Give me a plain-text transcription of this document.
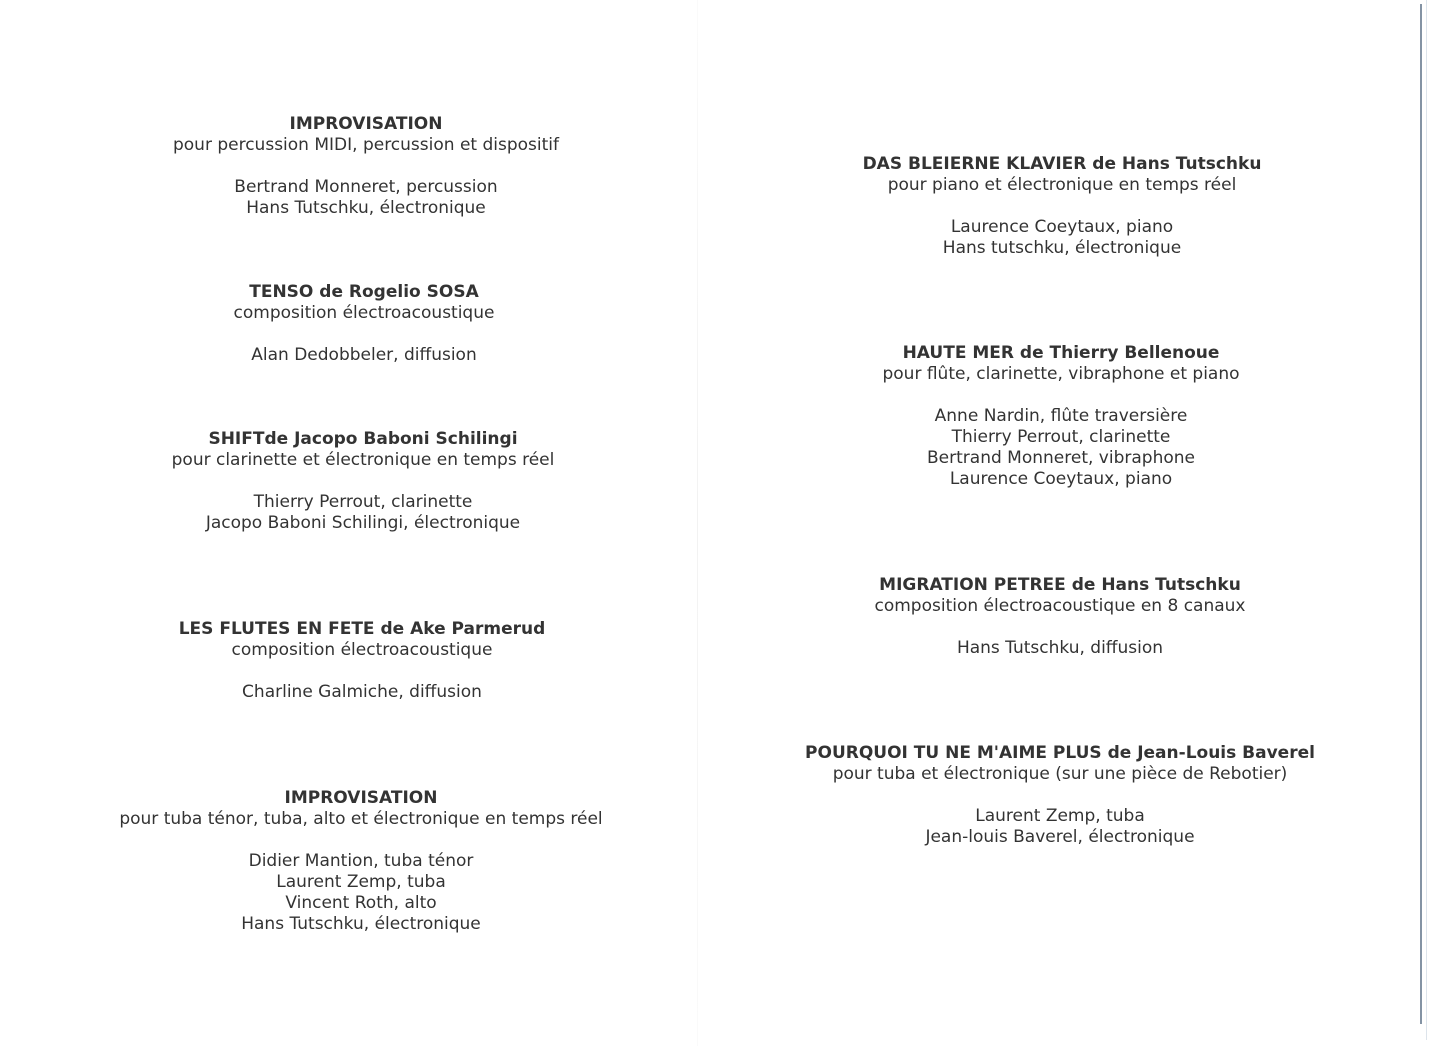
IMPROVISATION
pour percussion MIDI, percussion et dispositif
Bertrand Monneret, percussion
Hans Tutschku, électronique
TENSO de Rogelio SOSA
composition électroacoustique
Alan Dedobbeler, diffusion
SHIFTde Jacopo Baboni Schilingi
pour clarinette et électronique en temps réel
Thierry Perrout, clarinette
Jacopo Baboni Schilingi, électronique
LES FLUTES EN FETE de Ake Parmerud
composition électroacoustique
Charline Galmiche, diffusion
IMPROVISATION
pour tuba ténor, tuba, alto et électronique en temps réel
Didier Mantion, tuba ténor
Laurent Zemp, tuba
Vincent Roth, alto
Hans Tutschku, électronique
DAS BLEIERNE KLAVIER de Hans Tutschku
pour piano et électronique en temps réel
Laurence Coeytaux, piano
Hans tutschku, électronique
HAUTE MER de Thierry Bellenoue
pour flûte, clarinette, vibraphone et piano
Anne Nardin, flûte traversière
Thierry Perrout, clarinette
Bertrand Monneret, vibraphone
Laurence Coeytaux, piano
MIGRATION PETREE de Hans Tutschku
composition électroacoustique en 8 canaux
Hans Tutschku, diffusion
POURQUOI TU NE M'AIME PLUS de Jean-Louis Baverel
pour tuba et électronique (sur une pièce de Rebotier)
Laurent Zemp, tuba
Jean-louis Baverel, électronique
